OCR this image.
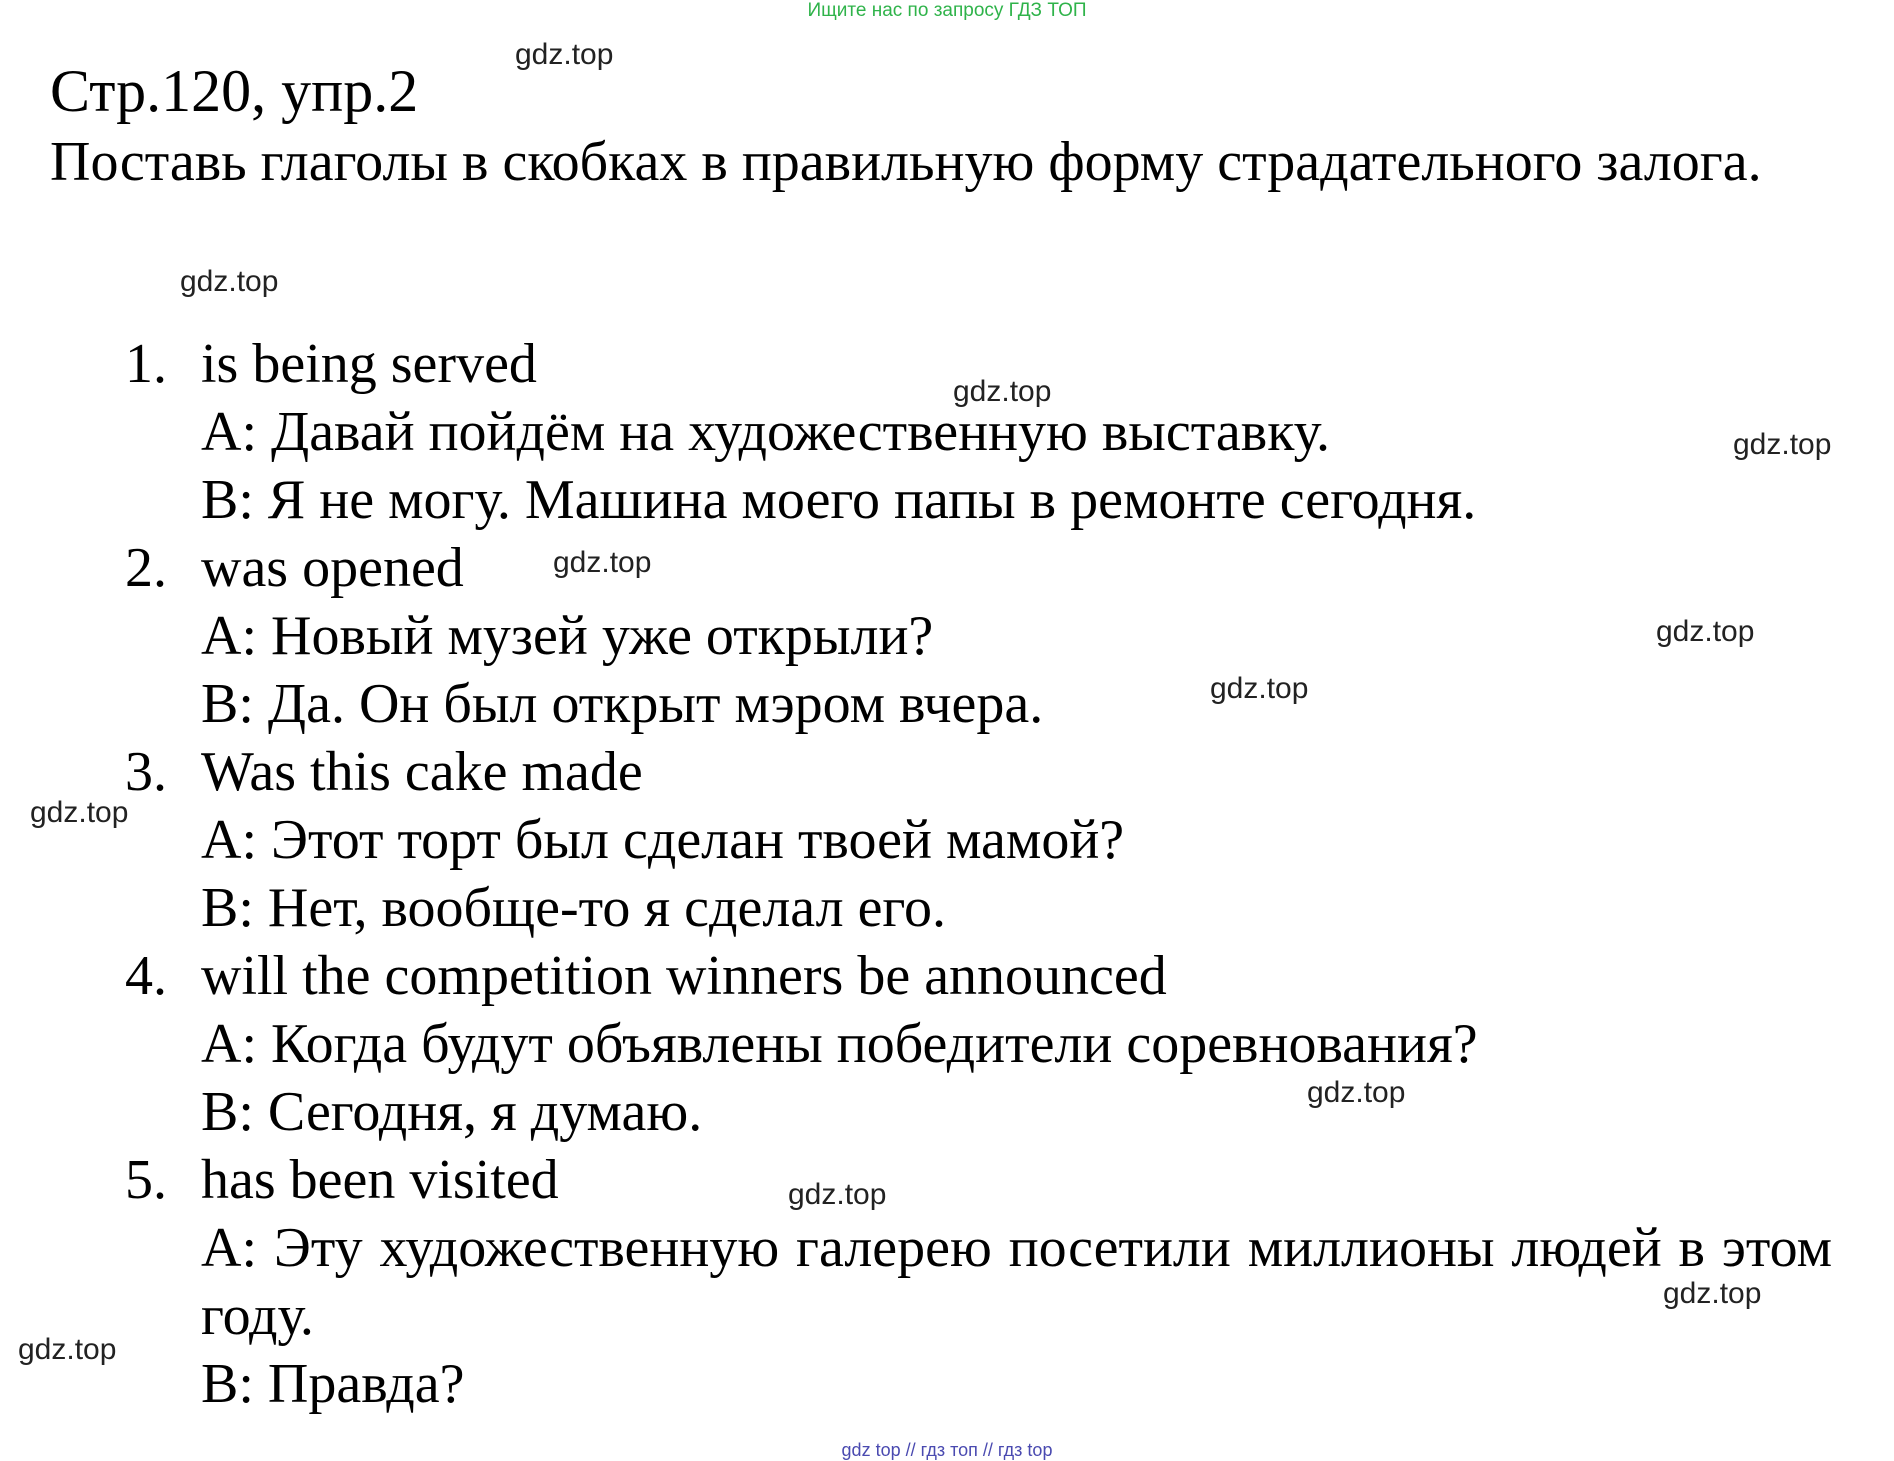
Ищите нас по запросу ГДЗ ТОП
Стр.120, упр.2
Поставь глаголы в скобках в правильную форму страдательного залога.
1. is being served
A: Давай пойдём на художественную выставку.
B: Я не могу. Машина моего папы в ремонте сегодня.
2. was opened
A: Новый музей уже открыли?
B: Да. Он был открыт мэром вчера.
3. Was this cake made
A: Этот торт был сделан твоей мамой?
B: Нет, вообще-то я сделал его.
4. will the competition winners be announced
A: Когда будут объявлены победители соревнования?
B: Сегодня, я думаю.
5. has been visited
A: Эту художественную галерею посетили миллионы людей в этом году.
B: Правда?
gdz.top
gdz.top
gdz.top
gdz.top
gdz.top
gdz.top
gdz.top
gdz.top
gdz.top
gdz.top
gdz.top
gdz.top
gdz top // гдз топ // гдз top
